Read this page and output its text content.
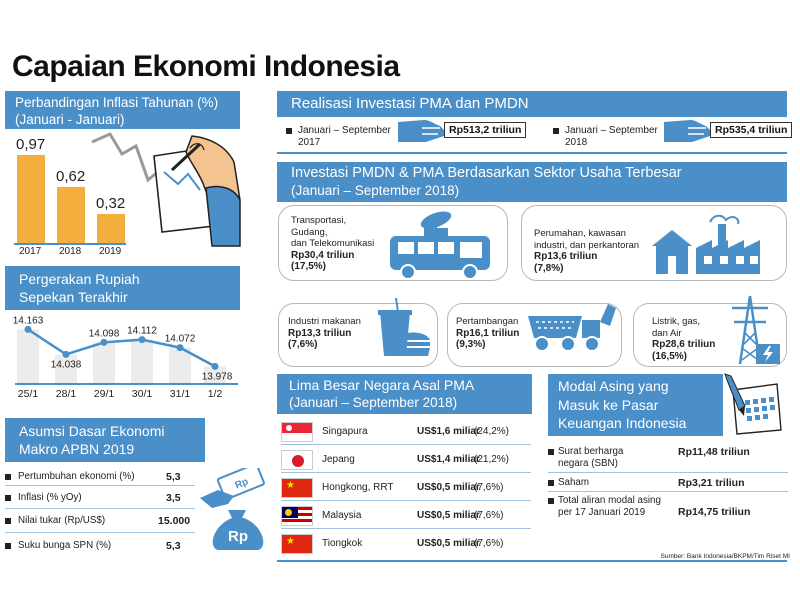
Capaian Ekonomi Indonesia
Perbandingan Inflasi Tahunan (%)
(Januari - Januari)
0,97
2017
0,62
2018
0,32
2019
Pergerakan Rupiah
Sepekan Terakhir
14.163
25/1
14.038
28/1
14.098
29/1
14.112
30/1
14.072
31/1
13.978
1/2
Asumsi Dasar Ekonomi
Makro APBN 2019
Pertumbuhan ekonomi (%)	5,3
Inflasi (% yOy)	3,5
Nilai tukar (Rp/US$)	15.000
Suku bunga SPN (%)	5,3
Rp
Rp
Realisasi Investasi PMA dan PMDN
Januari – September
2017
Rp513,2 triliun	Januari – September
2018
Rp535,4 triliun
Investasi PMDN & PMA Berdasarkan Sektor Usaha Terbesar
(Januari – September 2018)
Transportasi,
Gudang,
dan Telekomunikasi
Rp30,4 triliun
(17,5%)
Perumahan, kawasan
industri, dan perkantoran
Rp13,6 triliun
(7,8%)
Industri makanan
Rp13,3 triliun
(7,6%)
Pertambangan
Rp16,1 triliun
(9,3%)
Listrik, gas,
dan Air
Rp28,6 triliun
(16,5%)
Lima Besar Negara Asal PMA
(Januari – September 2018)
Singapura	US$1,6 miliar
(24,2%)
Jepang	US$1,4 miliar
(21,2%)
★	Hongkong, RRT US$0,5 miliar
(7,6%)
Malaysia	US$0,5 miliar
(7,6%)
★	Tiongkok	US$0,5 miliar
(7,6%)
Modal Asing yang
Masuk ke Pasar
Keuangan Indonesia
Surat berharga
negara (SBN)
Rp11,48 triliun
Saham	Rp3,21 triliun
Total aliran modal asing
per 17 Januari 2019	Rp14,75 triliun
Sumber: Bank Indonesia/BKPM/Tim Riset MI
